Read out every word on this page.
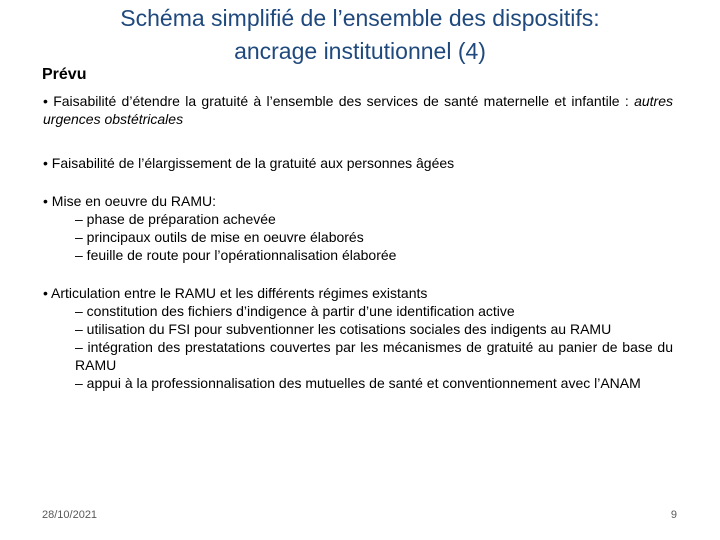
Schéma simplifié de l’ensemble des dispositifs:
ancrage institutionnel (4)
Prévu

• Faisabilité d’étendre la gratuité à l’ensemble des services de santé maternelle et infantile : autres urgences obstétricales

• Faisabilité de l’élargissement de la gratuité aux personnes âgées

• Mise en oeuvre du RAMU:

– phase de préparation achevée
– principaux outils de mise en oeuvre élaborés
– feuille de route pour l’opérationnalisation élaborée

• Articulation entre le RAMU et les différents régimes existants

– constitution des fichiers d’indigence à partir d’une identification active
– utilisation du FSI pour subventionner les cotisations sociales des indigents au RAMU
– intégration des prestatations couvertes par les mécanismes de gratuité au panier de base du RAMU
– appui à la professionnalisation des mutuelles de santé et conventionnement avec l’ANAM
28/10/2021	9
